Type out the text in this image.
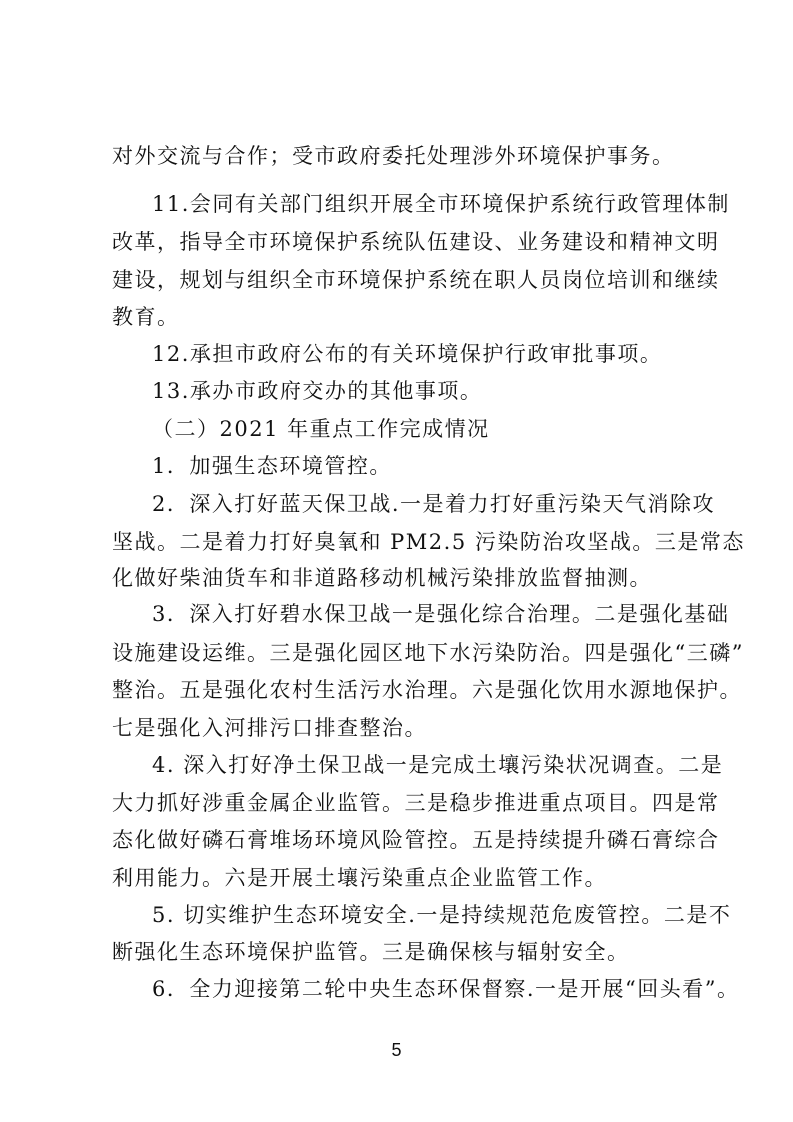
对外交流与合作；受市政府委托处理涉外环境保护事务。
11.会同有关部门组织开展全市环境保护系统行政管理体制
改革，指导全市环境保护系统队伍建设、业务建设和精神文明
建设，规划与组织全市环境保护系统在职人员岗位培训和继续
教育。
12.承担市政府公布的有关环境保护行政审批事项。
13.承办市政府交办的其他事项。
（二）2021 年重点工作完成情况
1．加强生态环境管控。
2．深入打好蓝天保卫战.一是着力打好重污染天气消除攻
坚战。二是着力打好臭氧和 PM2.5 污染防治攻坚战。三是常态
化做好柴油货车和非道路移动机械污染排放监督抽测。
3．深入打好碧水保卫战一是强化综合治理。二是强化基础
设施建设运维。三是强化园区地下水污染防治。四是强化“三磷”
整治。五是强化农村生活污水治理。六是强化饮用水源地保护。
七是强化入河排污口排查整治。
4. 深入打好净土保卫战一是完成土壤污染状况调查。二是
大力抓好涉重金属企业监管。三是稳步推进重点项目。四是常
态化做好磷石膏堆场环境风险管控。五是持续提升磷石膏综合
利用能力。六是开展土壤污染重点企业监管工作。
5. 切实维护生态环境安全.一是持续规范危废管控。二是不
断强化生态环境保护监管。三是确保核与辐射安全。
6．全力迎接第二轮中央生态环保督察.一是开展“回头看”。
5
